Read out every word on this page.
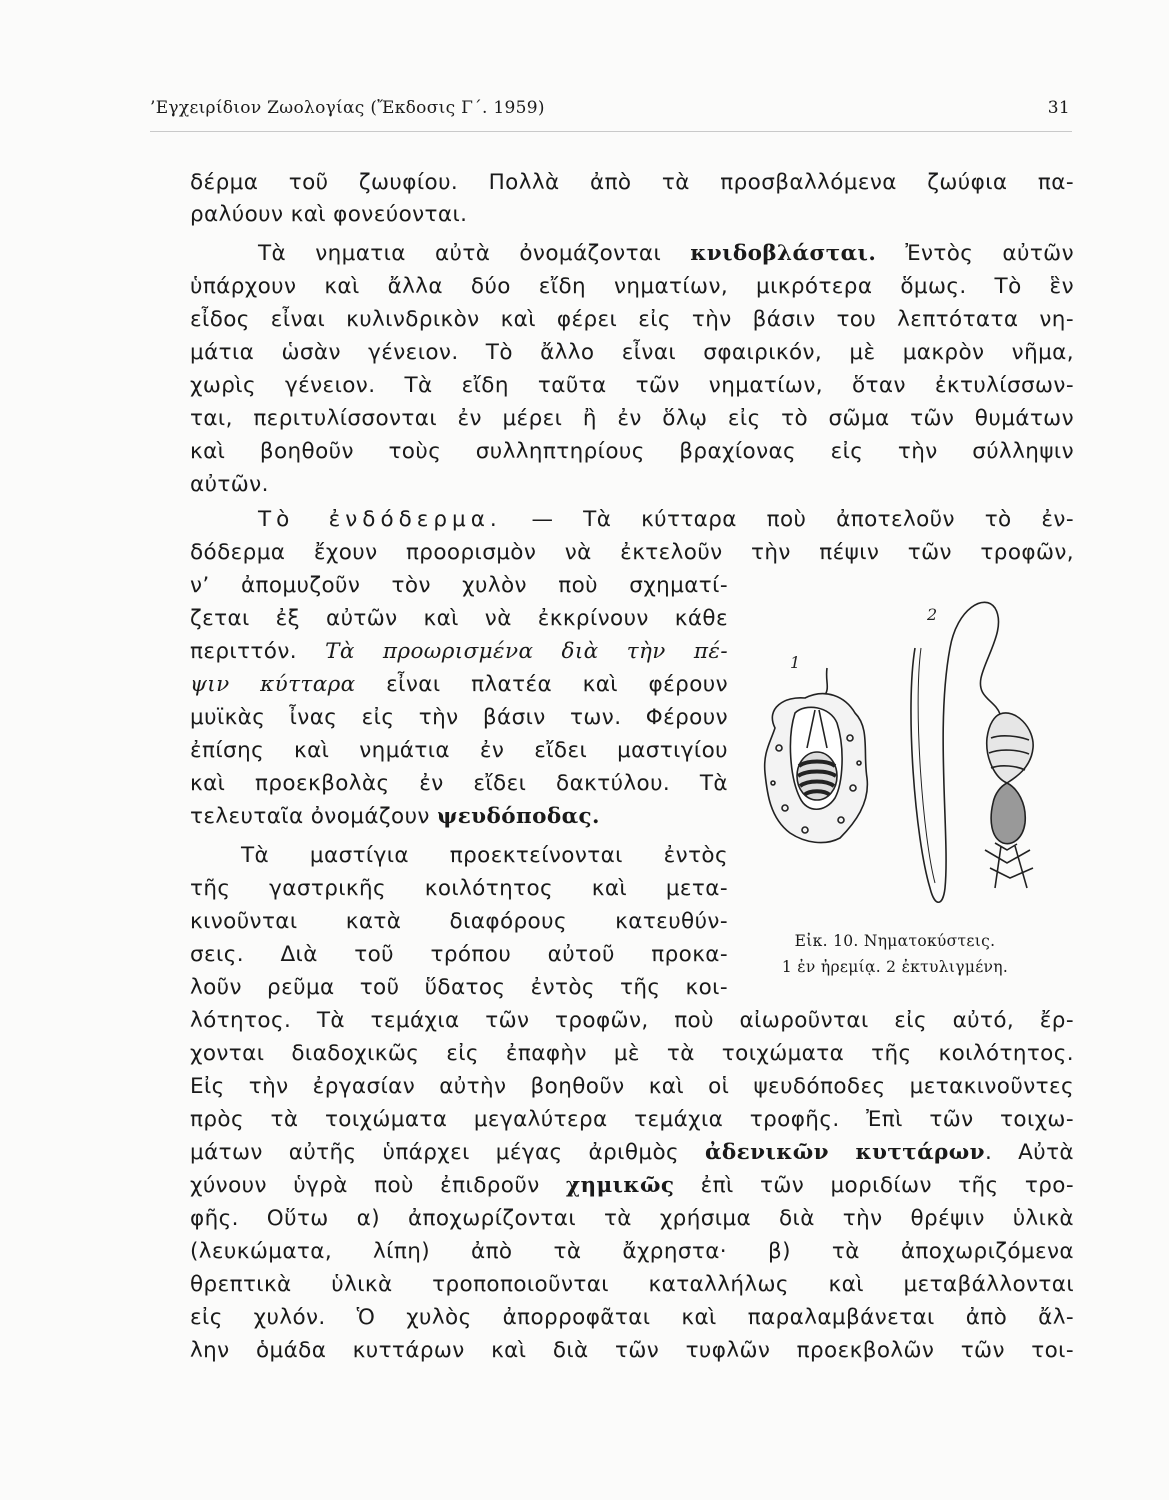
’Εγχειρίδιον Ζωολογίας (Ἔκδοσις Γ΄. 1959)	31
δέρμα τοῦ ζωυφίου. Πολλὰ ἀπὸ τὰ προσβαλλόμενα ζωύφια πα-
ραλύουν καὶ φονεύονται.
Τὰ νηματια αὐτὰ ὀνομάζονται κνιδοβλάσται. Ἐντὸς αὐτῶν
ὑπάρχουν καὶ ἄλλα δύο εἴδη νηματίων, μικρότερα ὅμως. Τὸ ἓν
εἶδος εἶναι κυλινδρικὸν καὶ φέρει εἰς τὴν βάσιν του λεπτότατα νη-
μάτια ὡσὰν γένειον. Τὸ ἄλλο εἶναι σφαιρικόν, μὲ μακρὸν νῆμα,
χωρὶς γένειον. Τὰ εἴδη ταῦτα τῶν νηματίων, ὅταν ἐκτυλίσσων-
ται, περιτυλίσσονται ἐν μέρει ἢ ἐν ὅλῳ εἰς τὸ σῶμα τῶν θυμάτων
καὶ βοηθοῦν τοὺς συλληπτηρίους βραχίονας εἰς τὴν σύλληψιν
αὐτῶν.
Τὸ ἐνδόδερμα. — Τὰ κύτταρα ποὺ ἀποτελοῦν τὸ ἐν-
δόδερμα ἔχουν προορισμὸν νὰ ἐκτελοῦν τὴν πέψιν τῶν τροφῶν,
ν’ ἀπομυζοῦν τὸν χυλὸν ποὺ σχηματί-
ζεται ἐξ αὐτῶν καὶ νὰ ἐκκρίνουν κάθε
περιττόν. Τὰ προωρισμένα διὰ τὴν πέ-
ψιν κύτταρα εἶναι πλατέα καὶ φέρουν
μυϊκὰς ἶνας εἰς τὴν βάσιν των. Φέρουν
ἐπίσης καὶ νημάτια ἐν εἴδει μαστιγίου
καὶ προεκβολὰς ἐν εἴδει δακτύλου. Τὰ
τελευταῖα ὀνομάζουν ψευδόποδας.
Τὰ μαστίγια προεκτείνονται ἐντὸς
τῆς γαστρικῆς κοιλότητος καὶ μετα-
κινοῦνται κατὰ διαφόρους κατευθύν-
σεις. Διὰ τοῦ τρόπου αὐτοῦ προκα-
λοῦν ρεῦμα τοῦ ὕδατος ἐντὸς τῆς κοι-
λότητος. Τὰ τεμάχια τῶν τροφῶν, ποὺ αἰωροῦνται εἰς αὐτό, ἔρ-
χονται διαδοχικῶς εἰς ἐπαφὴν μὲ τὰ τοιχώματα τῆς κοιλότητος.
Εἰς τὴν ἐργασίαν αὐτὴν βοηθοῦν καὶ οἱ ψευδόποδες μετακινοῦντες
πρὸς τὰ τοιχώματα μεγαλύτερα τεμάχια τροφῆς. Ἐπὶ τῶν τοιχω-
μάτων αὐτῆς ὑπάρχει μέγας ἀριθμὸς ἀδενικῶν κυττάρων. Αὐτὰ
χύνουν ὑγρὰ ποὺ ἐπιδροῦν χημικῶς ἐπὶ τῶν μοριδίων τῆς τρο-
φῆς. Οὕτω α) ἀποχωρίζονται τὰ χρήσιμα διὰ τὴν θρέψιν ὑλικὰ
(λευκώματα, λίπη) ἀπὸ τὰ ἄχρηστα· β) τὰ ἀποχωριζόμενα
θρεπτικὰ ὑλικὰ τροποποιοῦνται καταλλήλως καὶ μεταβάλλονται
εἰς χυλόν. Ὁ χυλὸς ἀπορροφᾶται καὶ παραλαμβάνεται ἀπὸ ἄλ-
λην ὁμάδα κυττάρων καὶ διὰ τῶν τυφλῶν προεκβολῶν τῶν τοι-
1
2
Εἰκ. 10. Νηματοκύστεις.
1 ἐν ἠρεμίᾳ. 2 ἐκτυλιγμένη.
